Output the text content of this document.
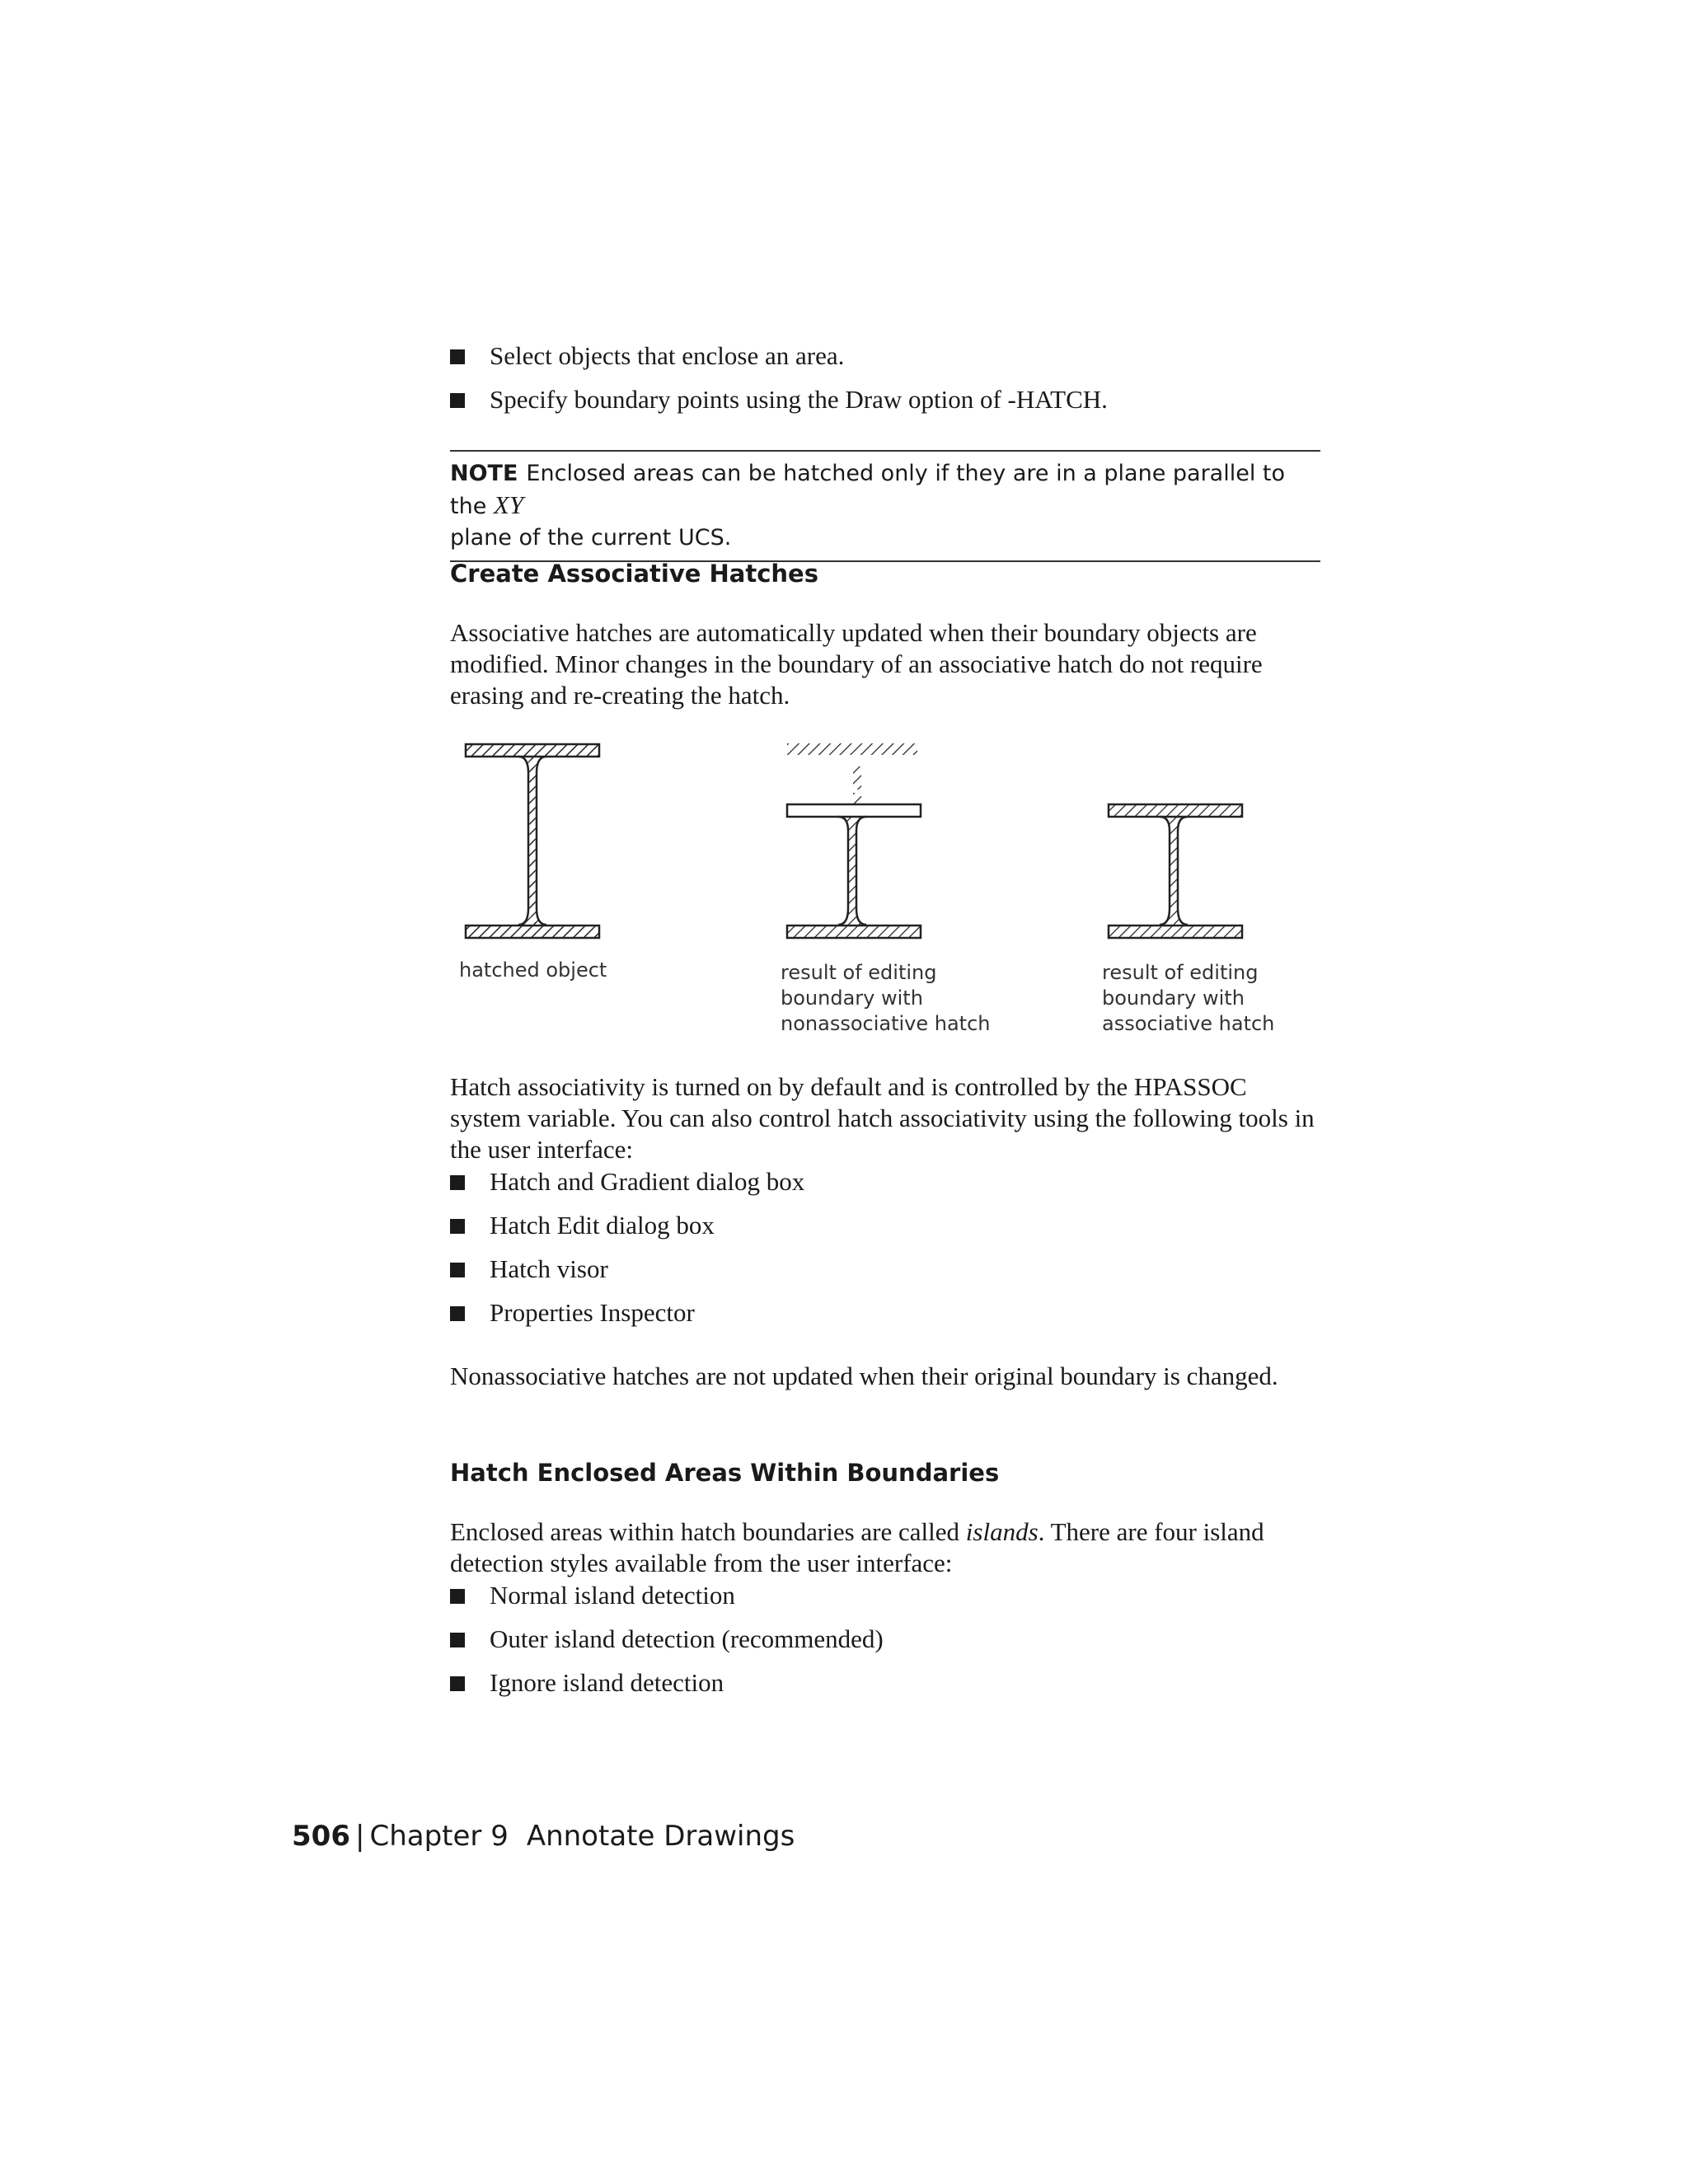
Select objects that enclose an area.
Specify boundary points using the Draw option of -HATCH.

NOTE Enclosed areas can be hatched only if they are in a plane parallel to the XY
plane of the current UCS.

Create Associative Hatches

Associative hatches are automatically updated when their boundary objects are modified. Minor changes in the boundary of an associative hatch do not require erasing and re-creating the hatch.

hatched object	result of editing
boundary with
nonassociative hatch

result of editing
boundary with
associative hatch

Hatch associativity is turned on by default and is controlled by the HPASSOC system variable. You can also control hatch associativity using the following tools in the user interface:

Hatch and Gradient dialog box
Hatch Edit dialog box
Hatch visor
Properties Inspector

Nonassociative hatches are not updated when their original boundary is changed.

Hatch Enclosed Areas Within Boundaries

Enclosed areas within hatch boundaries are called islands. There are four island detection styles available from the user interface:

Normal island detection
Outer island detection (recommended)
Ignore island detection
506 | Chapter 9 Annotate Drawings
